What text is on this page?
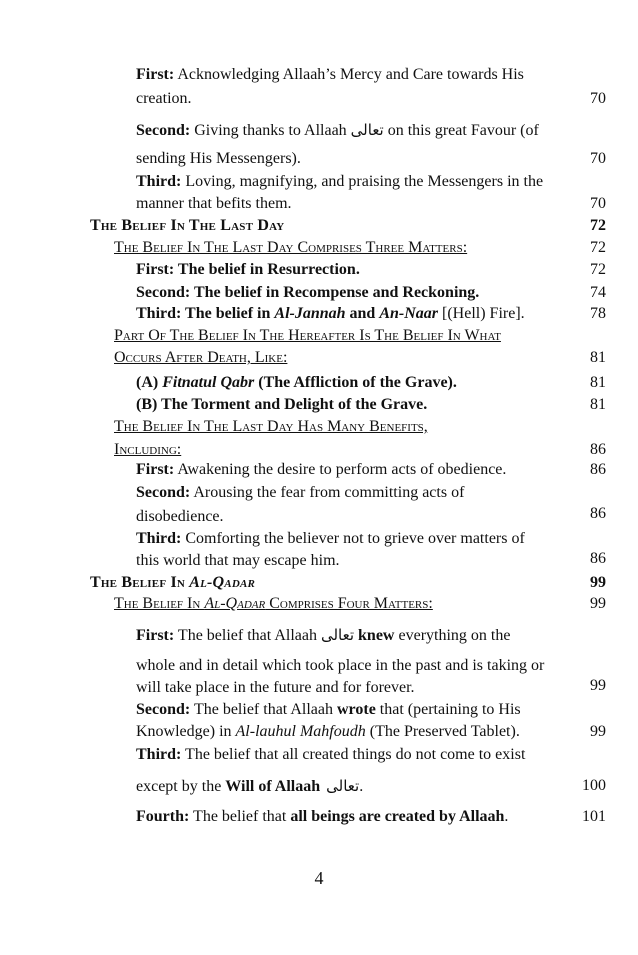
First: Acknowledging Allaah’s Mercy and Care towards His
creation.	70
Second: Giving thanks to Allaah تعالى on this great Favour (of
sending His Messengers).	70
Third: Loving, magnifying, and praising the Messengers in the
manner that befits them.	70
The Belief In The Last Day	72
The Belief In The Last Day Comprises Three Matters:	72
First: The belief in Resurrection.	72
Second: The belief in Recompense and Reckoning.	74
Third: The belief in Al-Jannah and An-Naar [(Hell) Fire].	78
Part Of The Belief In The Hereafter Is The Belief In What
Occurs After Death, Like:	81
(A) Fitnatul Qabr (The Affliction of the Grave).	81
(B) The Torment and Delight of the Grave.	81
The Belief In The Last Day Has Many Benefits,
Including:	86
First: Awakening the desire to perform acts of obedience.	86
Second: Arousing the fear from committing acts of
disobedience.	86
Third: Comforting the believer not to grieve over matters of
this world that may escape him.	86
The Belief In Al-Qadar	99
The Belief In Al-Qadar Comprises Four Matters:	99
First: The belief that Allaah تعالى knew everything on the
whole and in detail which took place in the past and is taking or
will take place in the future and for forever.	99
Second: The belief that Allaah wrote that (pertaining to His
Knowledge) in Al-lauhul Mahfoudh (The Preserved Tablet).	99
Third: The belief that all created things do not come to exist
except by the Will of Allaah تعالى.	100
Fourth: The belief that all beings are created by Allaah.	101
4
